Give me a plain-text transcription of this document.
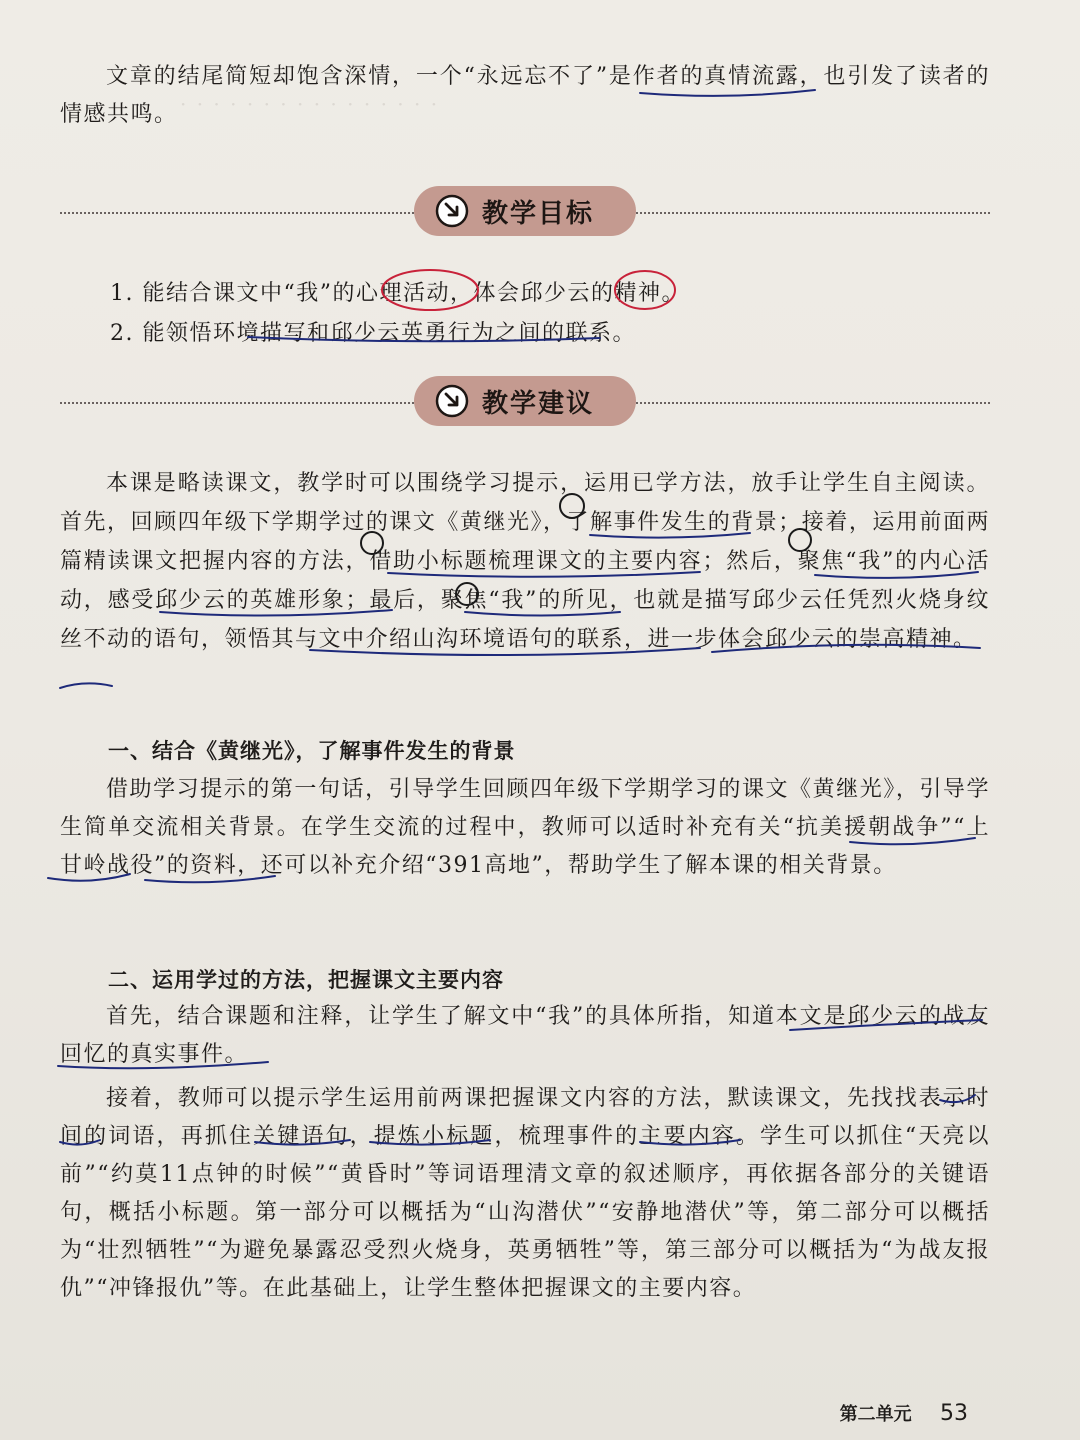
· · · · · · · · · · · · · · · ·

文章的结尾简短却饱含深情，一个“永远忘不了”是作者的真情流露，也引发了读者的情感共鸣。

教学目标
1. 能结合课文中“我”的心理活动，体会邱少云的精神。
2. 能领悟环境描写和邱少云英勇行为之间的联系。
教学建议

本课是略读课文，教学时可以围绕学习提示，运用已学方法，放手让学生自主阅读。首先，回顾四年级下学期学过的课文《黄继光》，了解事件发生的背景；接着，运用前面两篇精读课文把握内容的方法，借助小标题梳理课文的主要内容；然后，聚焦“我”的内心活动，感受邱少云的英雄形象；最后，聚焦“我”的所见，也就是描写邱少云任凭烈火烧身纹丝不动的语句，领悟其与文中介绍山沟环境语句的联系，进一步体会邱少云的崇高精神。

一、结合《黄继光》，了解事件发生的背景

借助学习提示的第一句话，引导学生回顾四年级下学期学习的课文《黄继光》，引导学生简单交流相关背景。在学生交流的过程中，教师可以适时补充有关“抗美援朝战争”“上甘岭战役”的资料，还可以补充介绍“391高地”，帮助学生了解本课的相关背景。

二、运用学过的方法，把握课文主要内容

首先，结合课题和注释，让学生了解文中“我”的具体所指，知道本文是邱少云的战友回忆的真实事件。

接着，教师可以提示学生运用前两课把握课文内容的方法，默读课文，先找找表示时间的词语，再抓住关键语句，提炼小标题，梳理事件的主要内容。学生可以抓住“天亮以前”“约莫11点钟的时候”“黄昏时”等词语理清文章的叙述顺序，再依据各部分的关键语句，概括小标题。第一部分可以概括为“山沟潜伏”“安静地潜伏”等，第二部分可以概括为“壮烈牺牲”“为避免暴露忍受烈火烧身，英勇牺牲”等，第三部分可以概括为“为战友报仇”“冲锋报仇”等。在此基础上，让学生整体把握课文的主要内容。

第二单元 53
